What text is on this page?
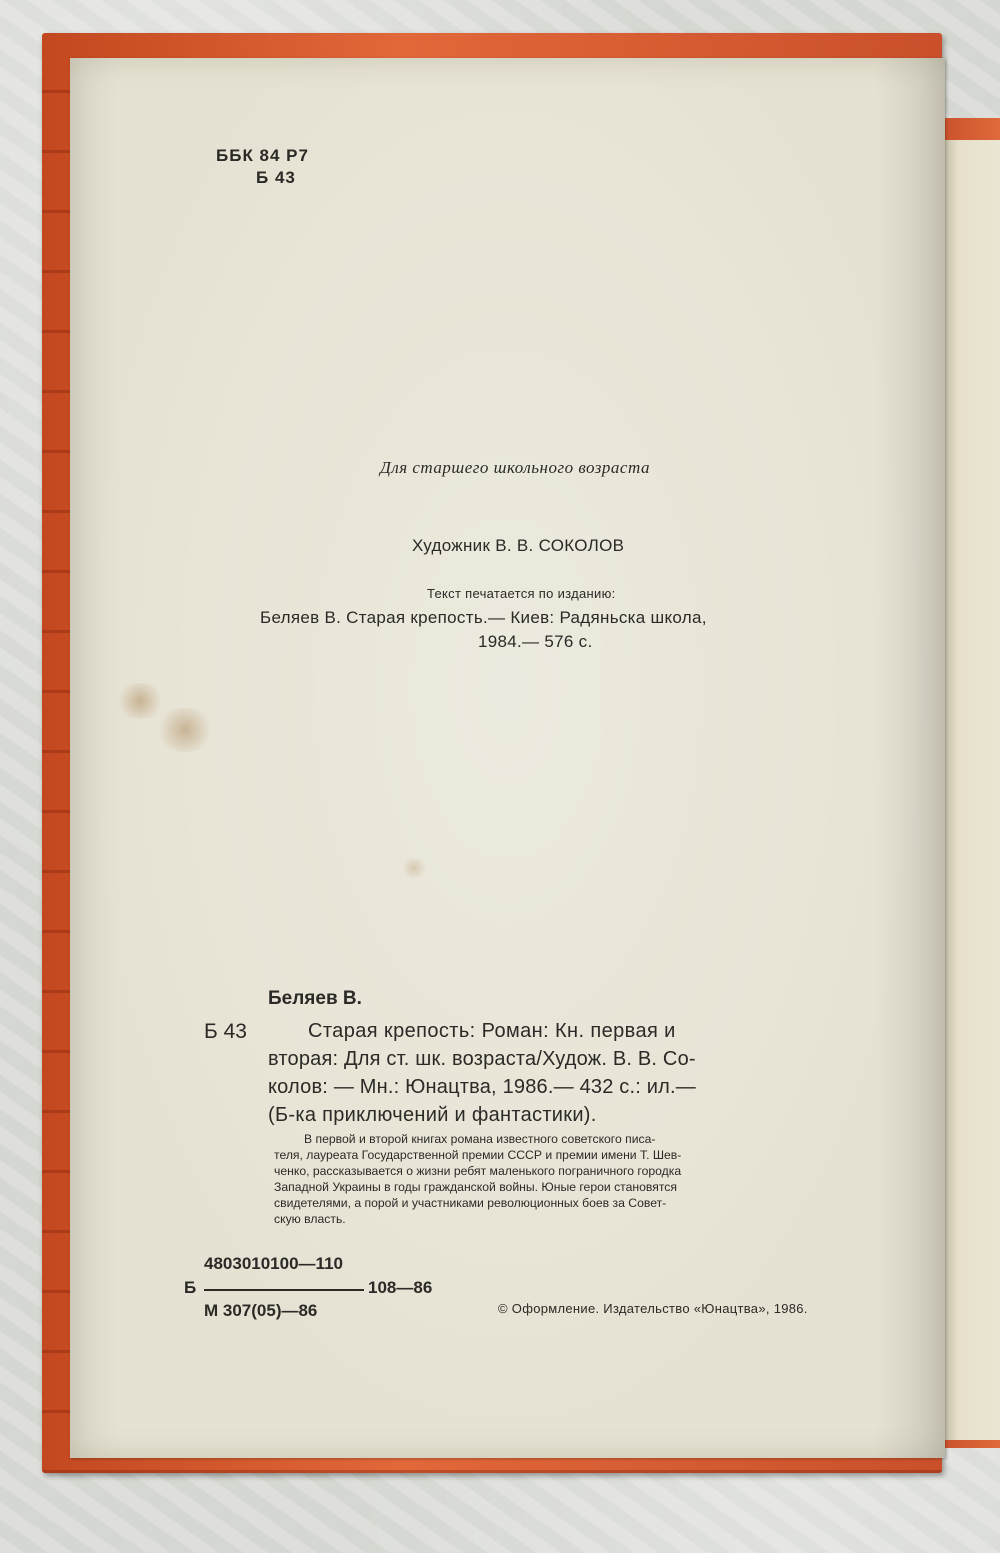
ББК 84 Р7

Б 43

Для старшего школьного возраста

Художник В. В. СОКОЛОВ

Текст печатается по изданию:

Беляев В. Старая крепость.— Киев: Радяньска школа,

1984.— 576 с.

Беляев В.

Б 43	Старая крепость: Роман: Кн. первая и

вторая: Для ст. шк. возраста/Худож. В. В. Со-

колов: — Мн.: Юнацтва, 1986.— 432 с.: ил.—

(Б-ка приключений и фантастики).

В первой и второй книгах романа известного советского писа-

теля, лауреата Государственной премии СССР и премии имени Т. Шев-

ченко, рассказывается о жизни ребят маленького пограничного городка

Западной Украины в годы гражданской войны. Юные герои становятся

свидетелями, а порой и участниками революционных боев за Совет-

скую власть.

4803010100—110

Б	108—86

М 307(05)—86	© Оформление. Издательство «Юнацтва», 1986.
